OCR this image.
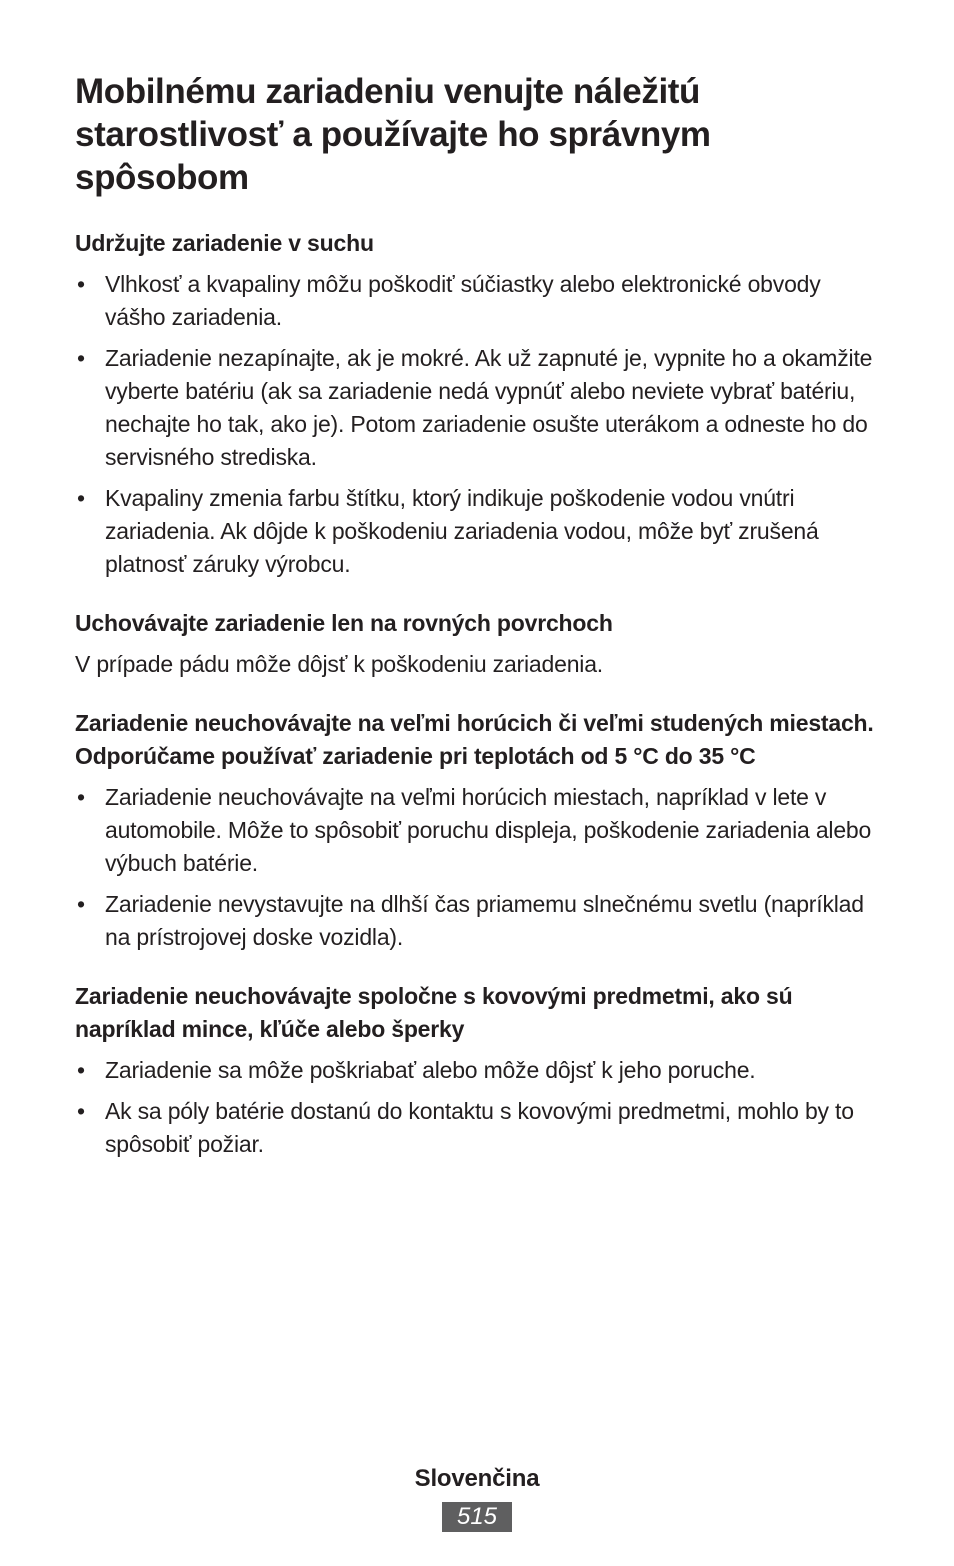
Mobilnému zariadeniu venujte náležitú starostlivosť a používajte ho správnym spôsobom
Udržujte zariadenie v suchu
• Vlhkosť a kvapaliny môžu poškodiť súčiastky alebo elektronické obvody vášho zariadenia.
• Zariadenie nezapínajte, ak je mokré. Ak už zapnuté je, vypnite ho a okamžite vyberte batériu (ak sa zariadenie nedá vypnúť alebo neviete vybrať batériu, nechajte ho tak, ako je). Potom zariadenie osušte uterákom a odneste ho do servisného strediska.
• Kvapaliny zmenia farbu štítku, ktorý indikuje poškodenie vodou vnútri zariadenia. Ak dôjde k poškodeniu zariadenia vodou, môže byť zrušená platnosť záruky výrobcu.
Uchovávajte zariadenie len na rovných povrchoch

V prípade pádu môže dôjsť k poškodeniu zariadenia.

Zariadenie neuchovávajte na veľmi horúcich či veľmi studených miestach. Odporúčame používať zariadenie pri teplotách od 5 °C do 35 °C
• Zariadenie neuchovávajte na veľmi horúcich miestach, napríklad v lete v automobile. Môže to spôsobiť poruchu displeja, poškodenie zariadenia alebo výbuch batérie.
• Zariadenie nevystavujte na dlhší čas priamemu slnečnému svetlu (napríklad na prístrojovej doske vozidla).
Zariadenie neuchovávajte spoločne s kovovými predmetmi, ako sú napríklad mince, kľúče alebo šperky
• Zariadenie sa môže poškriabať alebo môže dôjsť k jeho poruche.
• Ak sa póly batérie dostanú do kontaktu s kovovými predmetmi, mohlo by to spôsobiť požiar.
Slovenčina
515
